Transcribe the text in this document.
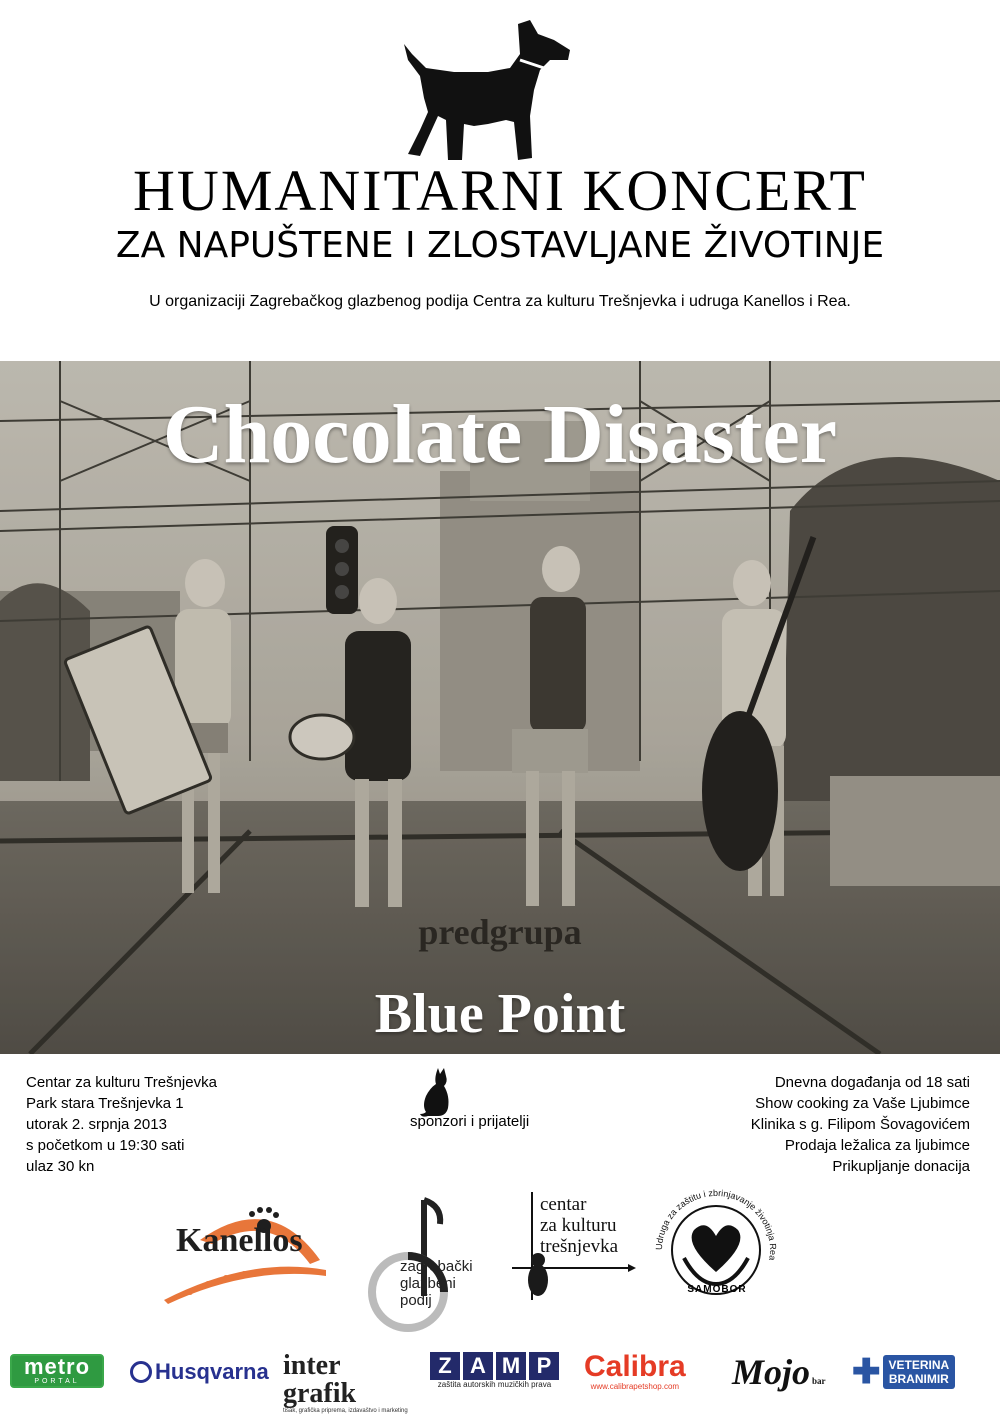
HUMANITARNI KONCERT
ZA NAPUŠTENE I ZLOSTAVLJANE ŽIVOTINJE
U organizaciji Zagrebačkog glazbenog podija Centra za kulturu Trešnjevka i udruga Kanellos i Rea.
Chocolate Disaster
predgrupa
Blue Point
Centar za kulturu Trešnjevka
Park stara Trešnjevka 1
utorak 2. srpnja 2013
s početkom u 19:30 sati
ulaz 30 kn
sponzori i prijatelji
Dnevna događanja od 18 sati
Show cooking za Vaše Ljubimce
Klinika s g. Filipom Šovagovićem
Prodaja ležalica za ljubimce
Prikupljanje donacija
Kanellos
zagrebački
glazbeni
podij
centar
za kulturu
trešnjevka	Udruga za zaštitu i zbrinjavanje životinja Rea
SAMOBOR
metro
PORTAL	Husqvarna inter grafik
tisak, grafička priprema, izdavaštvo i marketing
Z A M P
zaštita autorskih muzičkih prava
Calibra
www.calibrapetshop.com Mojo bar ✚ VETERINA
BRANIMIR
